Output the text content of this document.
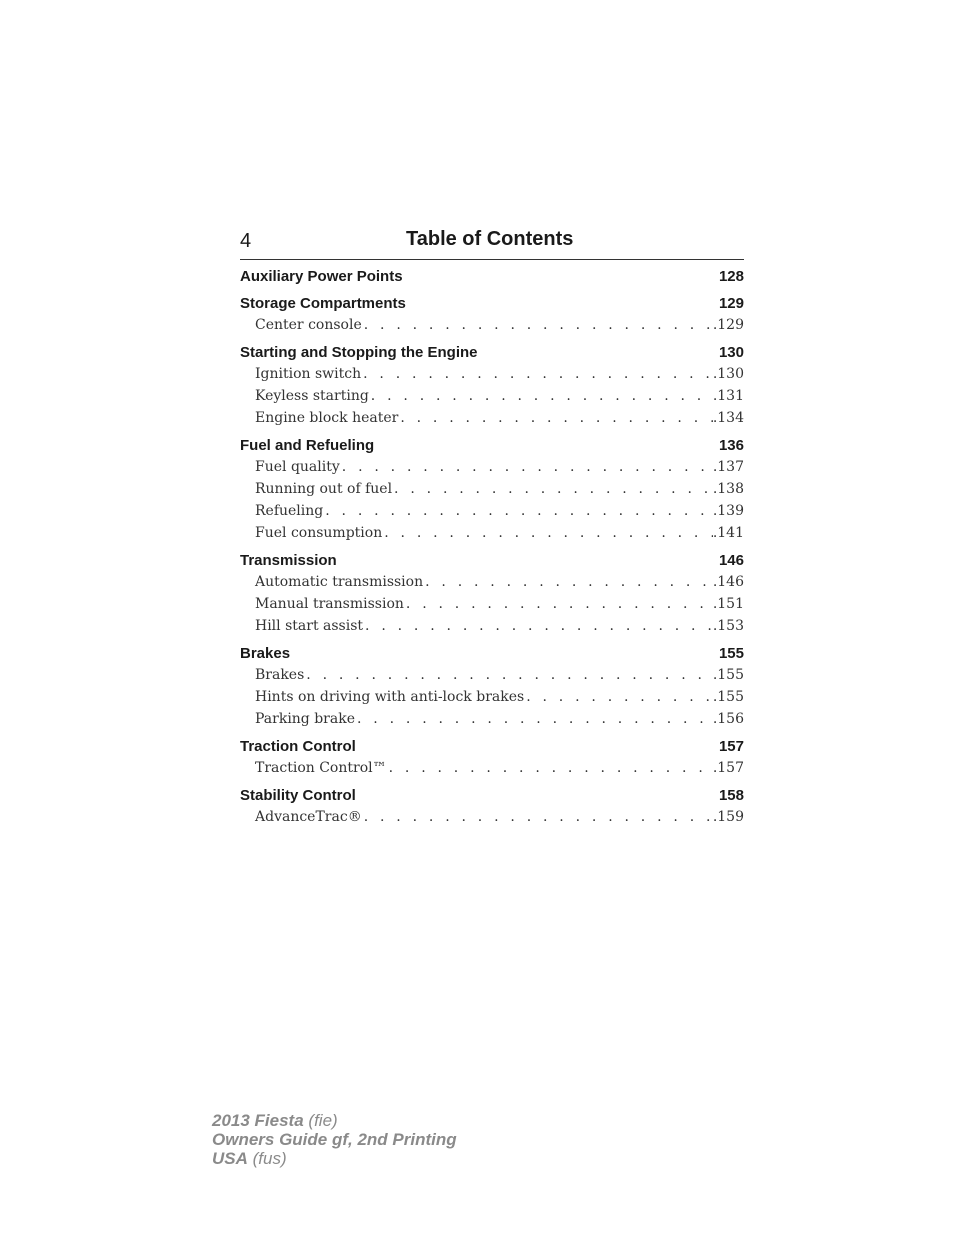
4	Table of Contents
Auxiliary Power Points	128
Storage Compartments	129
Center console . . .	.129
Starting and Stopping the Engine	130
Ignition switch . . .	.130
Keyless starting . . .	.131
Engine block heater . . .	.134
Fuel and Refueling	136
Fuel quality . . .	.137
Running out of fuel . . .	.138
Refueling . . .	.139
Fuel consumption . . .	.141
Transmission	146
Automatic transmission . . .	.146
Manual transmission . . .	.151
Hill start assist . . .	.153
Brakes	155
Brakes . . .	.155
Hints on driving with anti-lock brakes . . .	.155
Parking brake . . .	.156
Traction Control	157
Traction Control™ . . .	.157
Stability Control	158
AdvanceTrac® . . .	.159
2013 Fiesta (fie)
Owners Guide gf, 2nd Printing
USA (fus)
